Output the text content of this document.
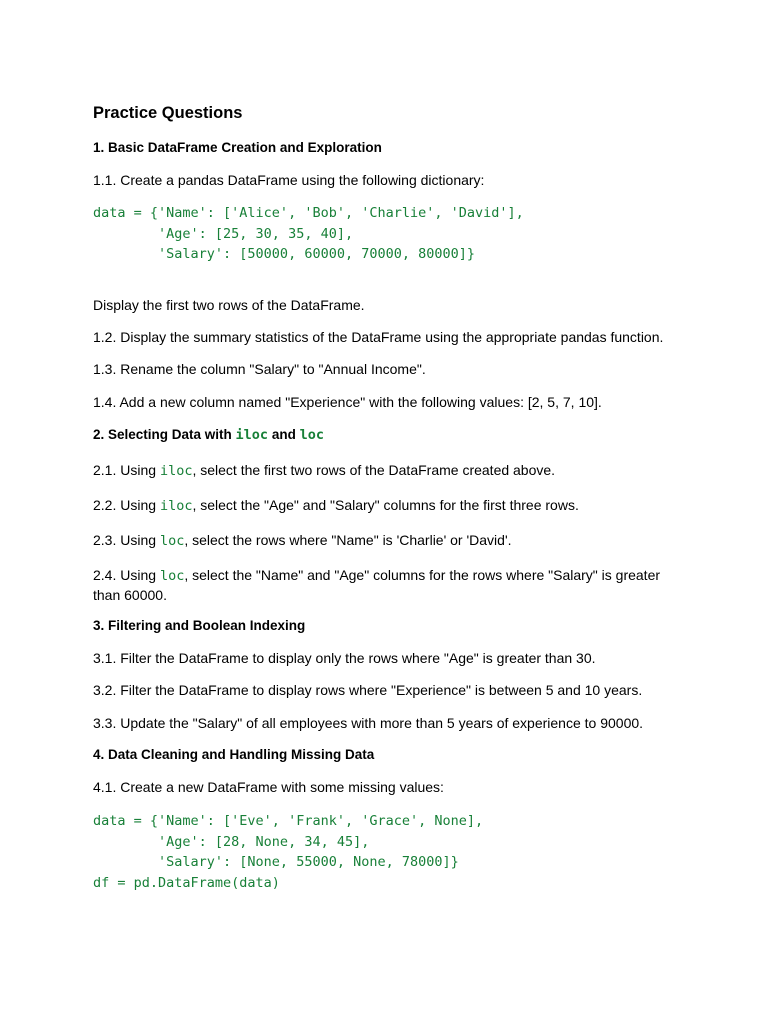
Practice Questions
1. Basic DataFrame Creation and Exploration
1.1. Create a pandas DataFrame using the following dictionary:
data = {'Name': ['Alice', 'Bob', 'Charlie', 'David'],
'Age': [25, 30, 35, 40],
'Salary': [50000, 60000, 70000, 80000]}
Display the first two rows of the DataFrame.
1.2. Display the summary statistics of the DataFrame using the appropriate pandas function.
1.3. Rename the column "Salary" to "Annual Income".
1.4. Add a new column named "Experience" with the following values: [2, 5, 7, 10].
2. Selecting Data with iloc and loc
2.1. Using iloc, select the first two rows of the DataFrame created above.
2.2. Using iloc, select the "Age" and "Salary" columns for the first three rows.
2.3. Using loc, select the rows where "Name" is 'Charlie' or 'David'.
2.4. Using loc, select the "Name" and "Age" columns for the rows where "Salary" is greater than 60000.
3. Filtering and Boolean Indexing
3.1. Filter the DataFrame to display only the rows where "Age" is greater than 30.
3.2. Filter the DataFrame to display rows where "Experience" is between 5 and 10 years.
3.3. Update the "Salary" of all employees with more than 5 years of experience to 90000.
4. Data Cleaning and Handling Missing Data
4.1. Create a new DataFrame with some missing values:
data = {'Name': ['Eve', 'Frank', 'Grace', None],
'Age': [28, None, 34, 45],
'Salary': [None, 55000, None, 78000]}
df = pd.DataFrame(data)
